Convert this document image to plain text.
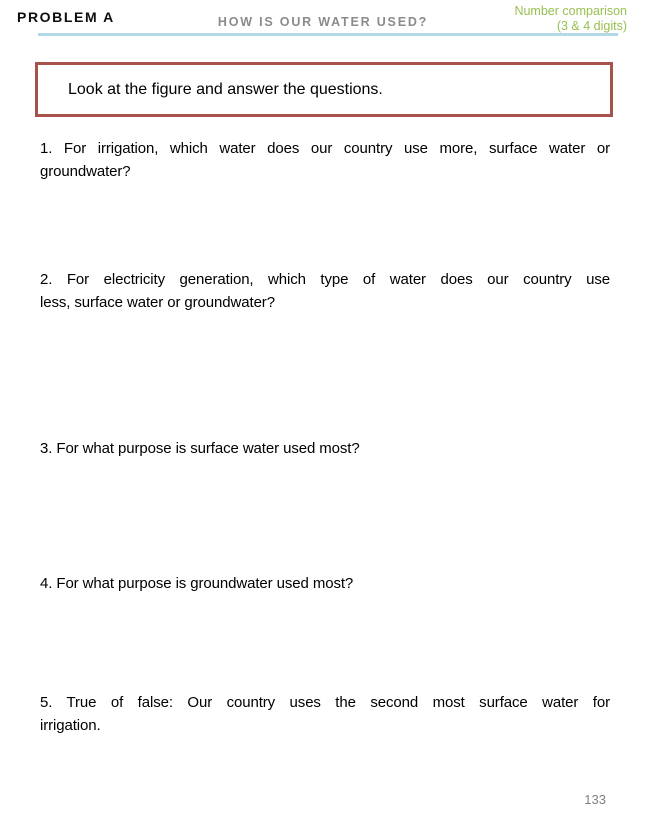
PROBLEM A	HOW IS OUR WATER USED?
Number comparison
(3 & 4 digits)
Look at the figure and answer the questions.
1. For irrigation, which water does our country use more, surface water or
groundwater?
2. For electricity generation, which type of water does our country use
less, surface water or groundwater?
3. For what purpose is surface water used most?
4. For what purpose is groundwater used most?
5. True of false: Our country uses the second most surface water for
irrigation.
133
